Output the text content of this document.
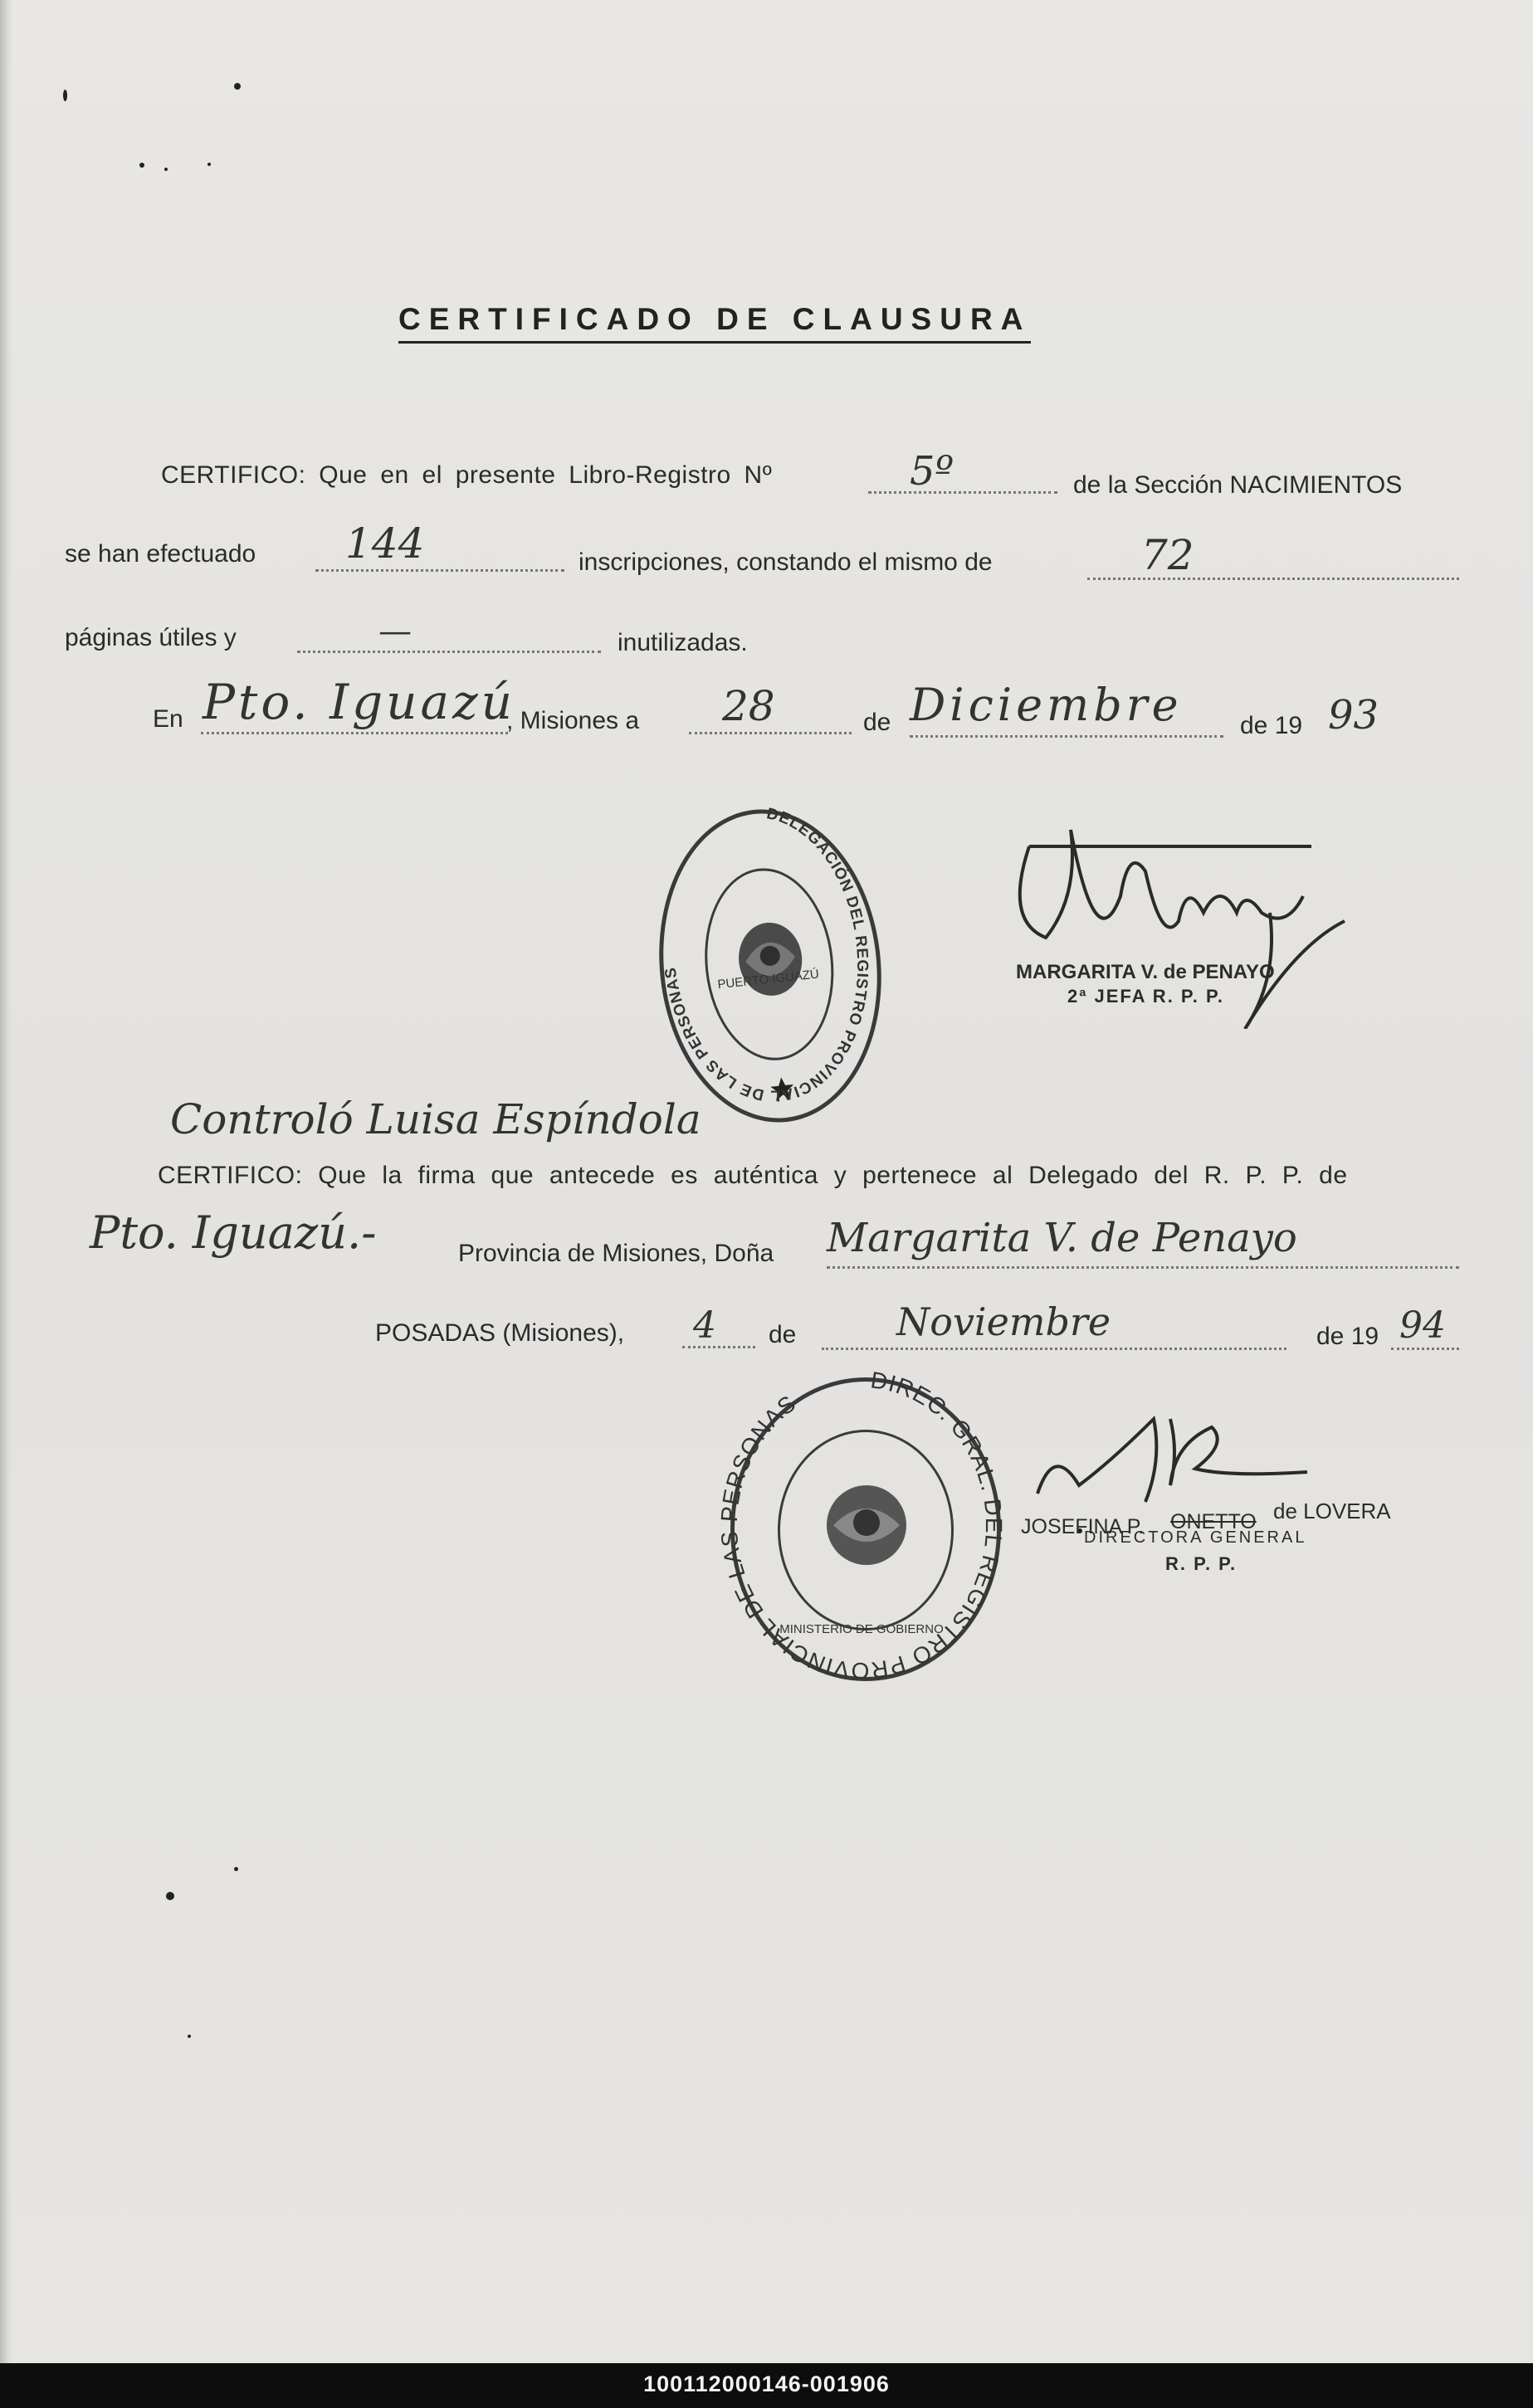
CERTIFICADO DE CLAUSURA
CERTIFICO: Que en el presente Libro-Registro Nº	5º	de la Sección NACIMIENTOS
se han efectuado 144	inscripciones, constando el mismo de	72
páginas útiles y	—	inutilizadas.
En Pto. Iguazú
, Misiones a 28	de Diciembre de 19 93
DELEGACIÓN DEL REGISTRO PROVINCIAL DE LAS PERSONAS	PUERTO IGUAZÚ	MARGARITA V. de PENAYO
2ª JEFA R. P. P.
Controló Luisa Espíndola
CERTIFICO: Que la firma que antecede es auténtica y pertenece al Delegado del R. P. P. de
Pto. Iguazú.-	Provincia de Misiones, Doña Margarita V. de Penayo
POSADAS (Misiones), 4 de	Noviembre	de 19 94
DIREC. GRAL. DEL REGISTRO PROVINCIAL DE LAS PERSONAS
MINISTERIO DE GOBIERNO
JOSEFINA P. ONETTO de LOVERA
DIRECTORA GENERAL
R. P. P.
100112000146-001906
